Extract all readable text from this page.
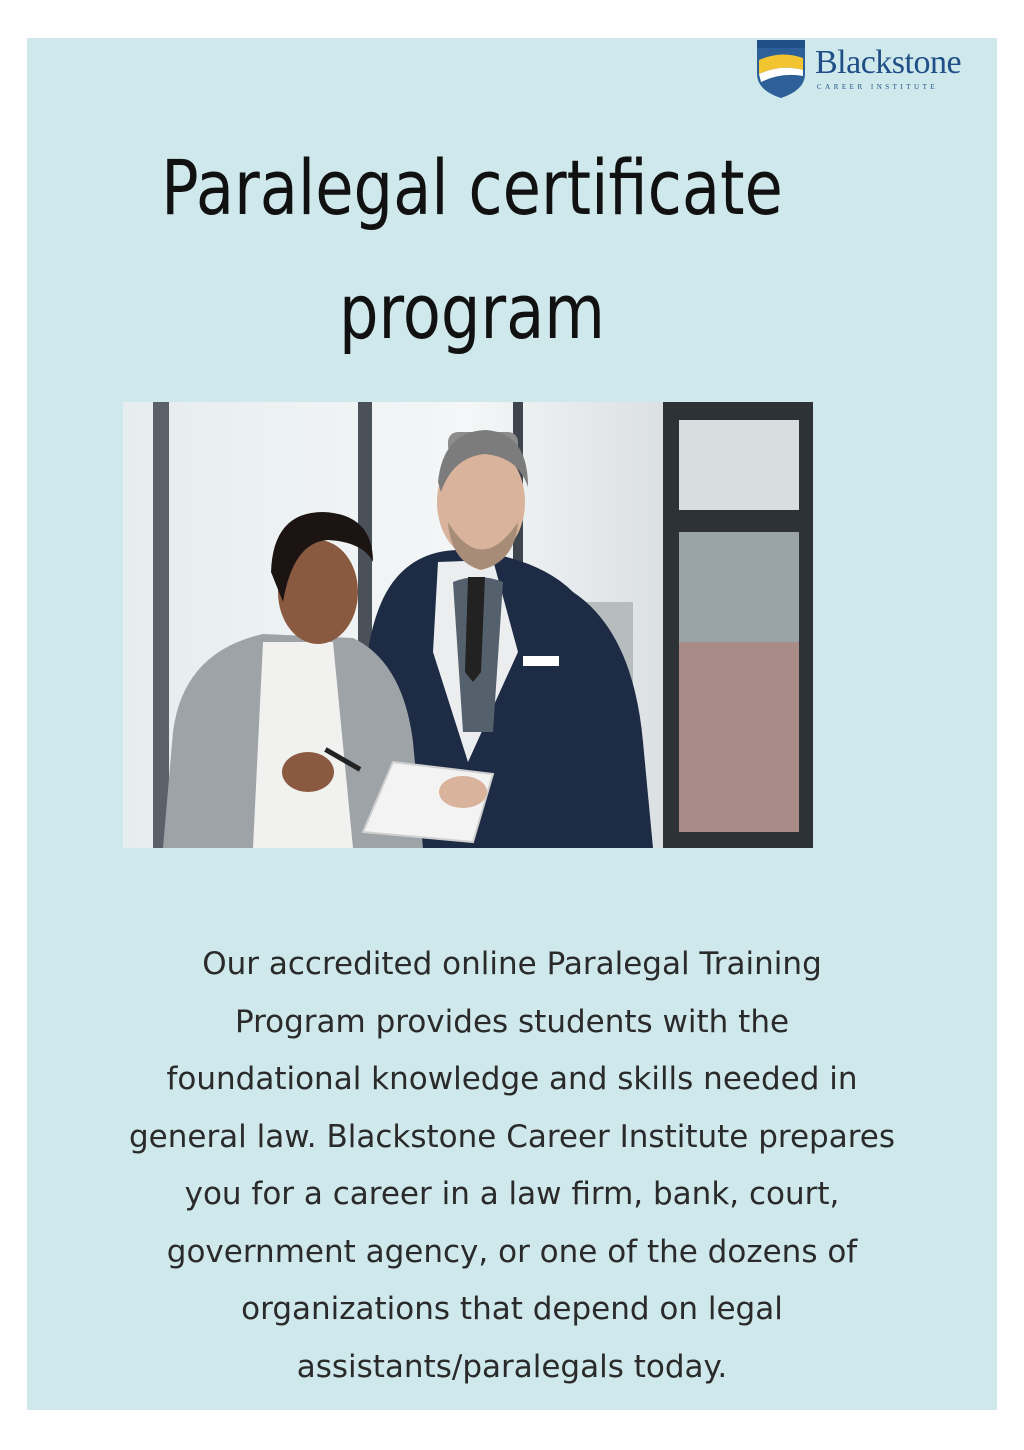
Blackstone
CAREER INSTITUTE
Paralegal certificate
program

Our accredited online Paralegal Training
Program provides students with the
foundational knowledge and skills needed in
general law. Blackstone Career Institute prepares
you for a career in a law firm, bank, court,
government agency, or one of the dozens of
organizations that depend on legal
assistants/paralegals today.
